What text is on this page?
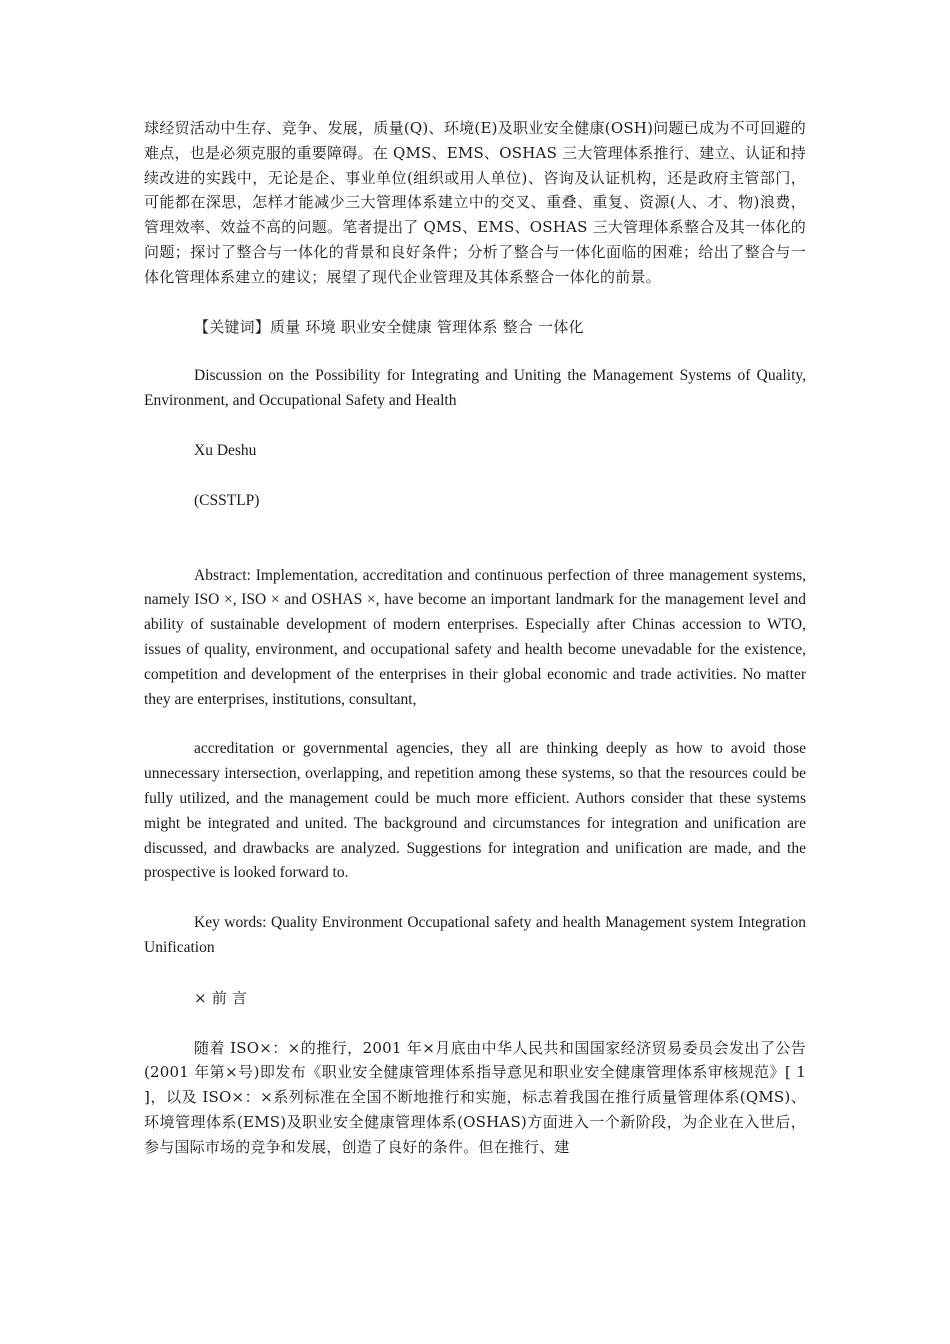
球经贸活动中生存、竞争、发展，质量(Q)、环境(E)及职业安全健康(OSH)问题已成为不可回避的难点，也是必须克服的重要障碍。在 QMS、EMS、OSHAS 三大管理体系推行、建立、认证和持续改进的实践中，无论是企、事业单位(组织或用人单位)、咨询及认证机构，还是政府主管部门，可能都在深思，怎样才能减少三大管理体系建立中的交叉、重叠、重复、资源(人、才、物)浪费，管理效率、效益不高的问题。笔者提出了 QMS、EMS、OSHAS 三大管理体系整合及其一体化的问题；探讨了整合与一体化的背景和良好条件；分析了整合与一体化面临的困难；给出了整合与一体化管理体系建立的建议；展望了现代企业管理及其体系整合一体化的前景。

【关键词】质量 环境 职业安全健康 管理体系 整合 一体化

Discussion on the Possibility for Integrating and Uniting the Management Systems of Quality, Environment, and Occupational Safety and Health

Xu Deshu

(CSSTLP)

Abstract: Implementation, accreditation and continuous perfection of three management systems, namely ISO ×, ISO × and OSHAS ×, have become an important landmark for the management level and ability of sustainable development of modern enterprises. Especially after Chinas accession to WTO, issues of quality, environment, and occupational safety and health become unevadable for the existence, competition and development of the enterprises in their global economic and trade activities. No matter they are enterprises, institutions, consultant,

accreditation or governmental agencies, they all are thinking deeply as how to avoid those unnecessary intersection, overlapping, and repetition among these systems, so that the resources could be fully utilized, and the management could be much more efficient. Authors consider that these systems might be integrated and united. The background and circumstances for integration and unification are discussed, and drawbacks are analyzed. Suggestions for integration and unification are made, and the prospective is looked forward to.

Key words: Quality Environment Occupational safety and health Management system Integration Unification

× 前 言

随着 ISO×：×的推行，2001 年×月底由中华人民共和国国家经济贸易委员会发出了公告(2001 年第×号)即发布《职业安全健康管理体系指导意见和职业安全健康管理体系审核规范》[ 1 ]，以及 ISO×：×系列标准在全国不断地推行和实施，标志着我国在推行质量管理体系(QMS)、环境管理体系(EMS)及职业安全健康管理体系(OSHAS)方面进入一个新阶段，为企业在入世后，参与国际市场的竞争和发展，创造了良好的条件。但在推行、建
